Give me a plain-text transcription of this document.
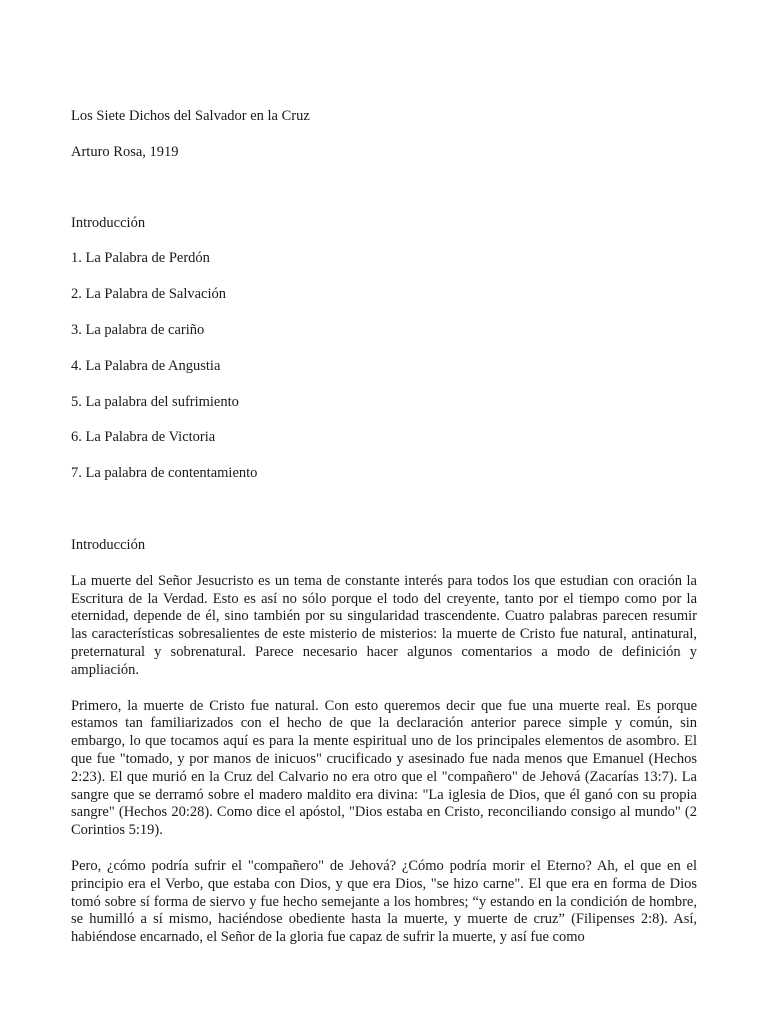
Los Siete Dichos del Salvador en la Cruz

Arturo Rosa, 1919

Introducción

1. La Palabra de Perdón
2. La Palabra de Salvación
3. La palabra de cariño
4. La Palabra de Angustia
5. La palabra del sufrimiento
6. La Palabra de Victoria
7. La palabra de contentamiento

Introducción

La muerte del Señor Jesucristo es un tema de constante interés para todos los que estudian con oración la Escritura de la Verdad. Esto es así no sólo porque el todo del creyente, tanto por el tiempo como por la eternidad, depende de él, sino también por su singularidad trascendente. Cuatro palabras parecen resumir las características sobresalientes de este misterio de misterios: la muerte de Cristo fue natural, antinatural, preternatural y sobrenatural. Parece necesario hacer algunos comentarios a modo de definición y ampliación.

Primero, la muerte de Cristo fue natural. Con esto queremos decir que fue una muerte real. Es porque estamos tan familiarizados con el hecho de que la declaración anterior parece simple y común, sin embargo, lo que tocamos aquí es para la mente espiritual uno de los principales elementos de asombro. El que fue "tomado, y por manos de inicuos" crucificado y asesinado fue nada menos que Emanuel (Hechos 2:23). El que murió en la Cruz del Calvario no era otro que el "compañero" de Jehová (Zacarías 13:7). La sangre que se derramó sobre el madero maldito era divina: "La iglesia de Dios, que él ganó con su propia sangre" (Hechos 20:28). Como dice el apóstol, "Dios estaba en Cristo, reconciliando consigo al mundo" (2 Corintios 5:19).

Pero, ¿cómo podría sufrir el "compañero" de Jehová? ¿Cómo podría morir el Eterno? Ah, el que en el principio era el Verbo, que estaba con Dios, y que era Dios, "se hizo carne". El que era en forma de Dios tomó sobre sí forma de siervo y fue hecho semejante a los hombres; “y estando en la condición de hombre, se humilló a sí mismo, haciéndose obediente hasta la muerte, y muerte de cruz” (Filipenses 2:8). Así, habiéndose encarnado, el Señor de la gloria fue capaz de sufrir la muerte, y así fue como
